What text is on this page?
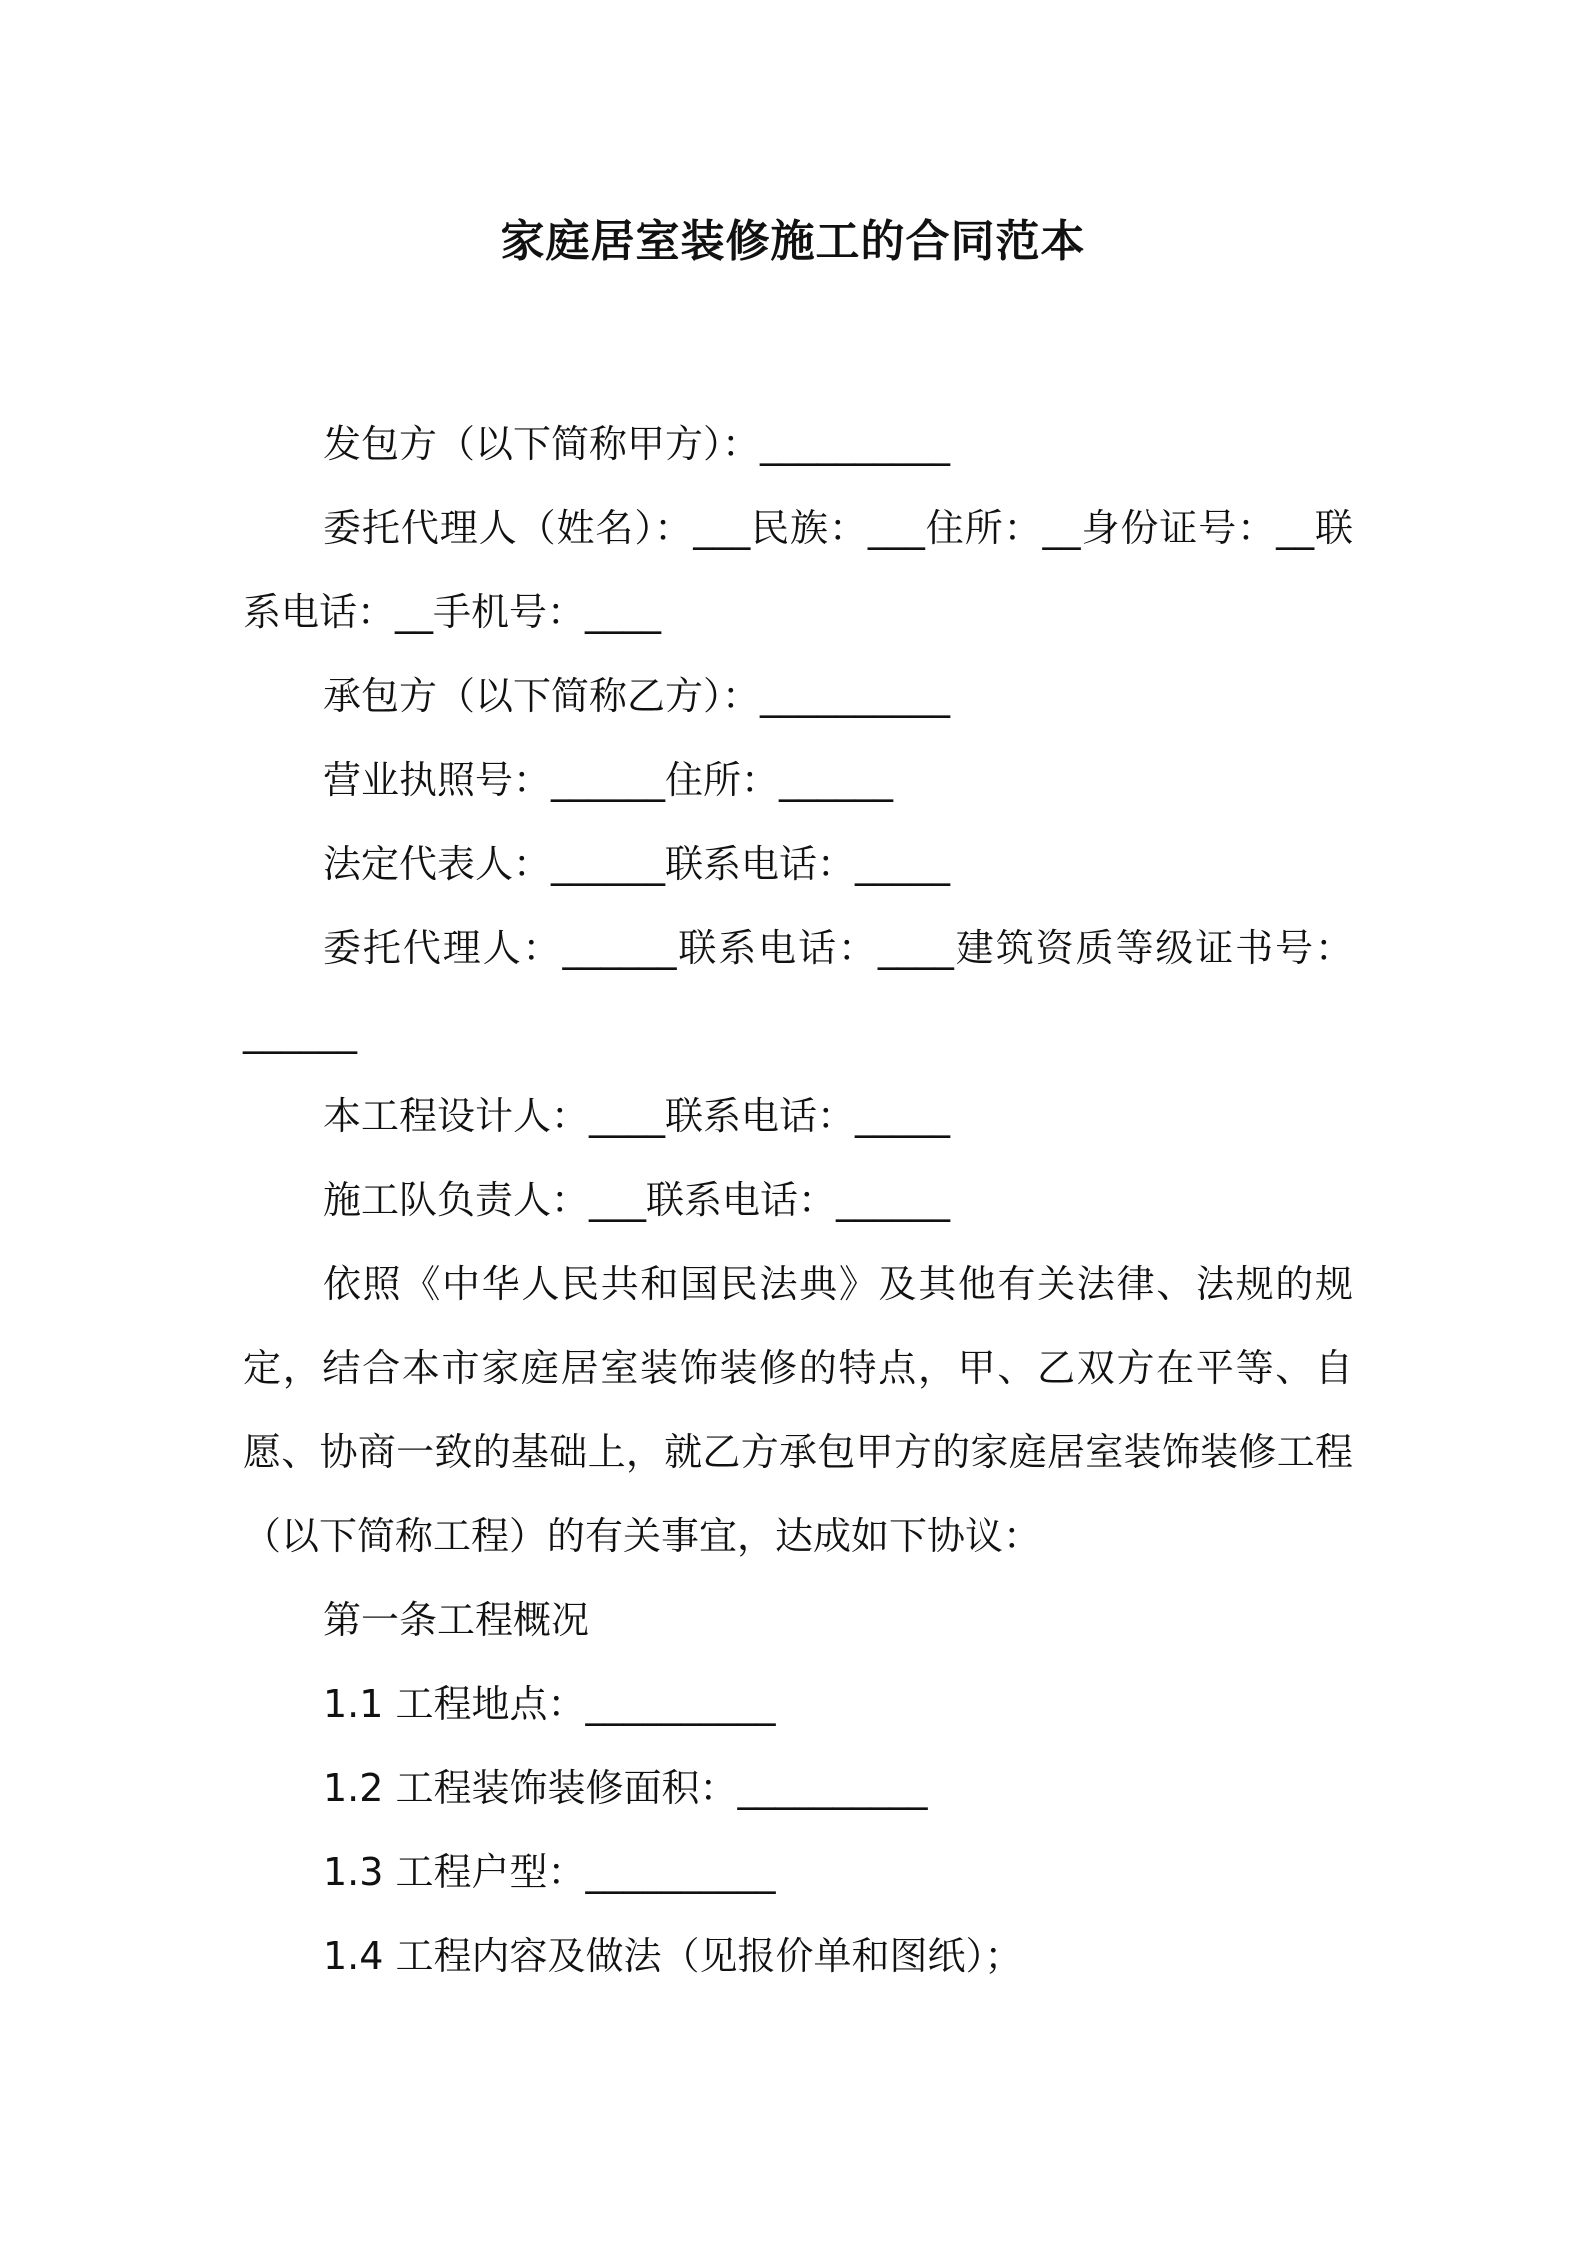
家庭居室装修施工的合同范本

发包方（以下简称甲方）：__________

委托代理人（姓名）：___民族：___住所：__身份证号：__联系电话：__手机号：____

承包方（以下简称乙方）：__________

营业执照号：______住所：______

法定代表人：______联系电话：_____

委托代理人：______联系电话：____建筑资质等级证书号：______

本工程设计人：____联系电话：_____

施工队负责人：___联系电话：______

依照《中华人民共和国民法典》及其他有关法律、法规的规定，结合本市家庭居室装饰装修的特点，甲、乙双方在平等、自愿、协商一致的基础上，就乙方承包甲方的家庭居室装饰装修工程（以下简称工程）的有关事宜，达成如下协议：

第一条工程概况

1.1 工程地点：__________

1.2 工程装饰装修面积：__________

1.3 工程户型：__________

1.4 工程内容及做法（见报价单和图纸）；
